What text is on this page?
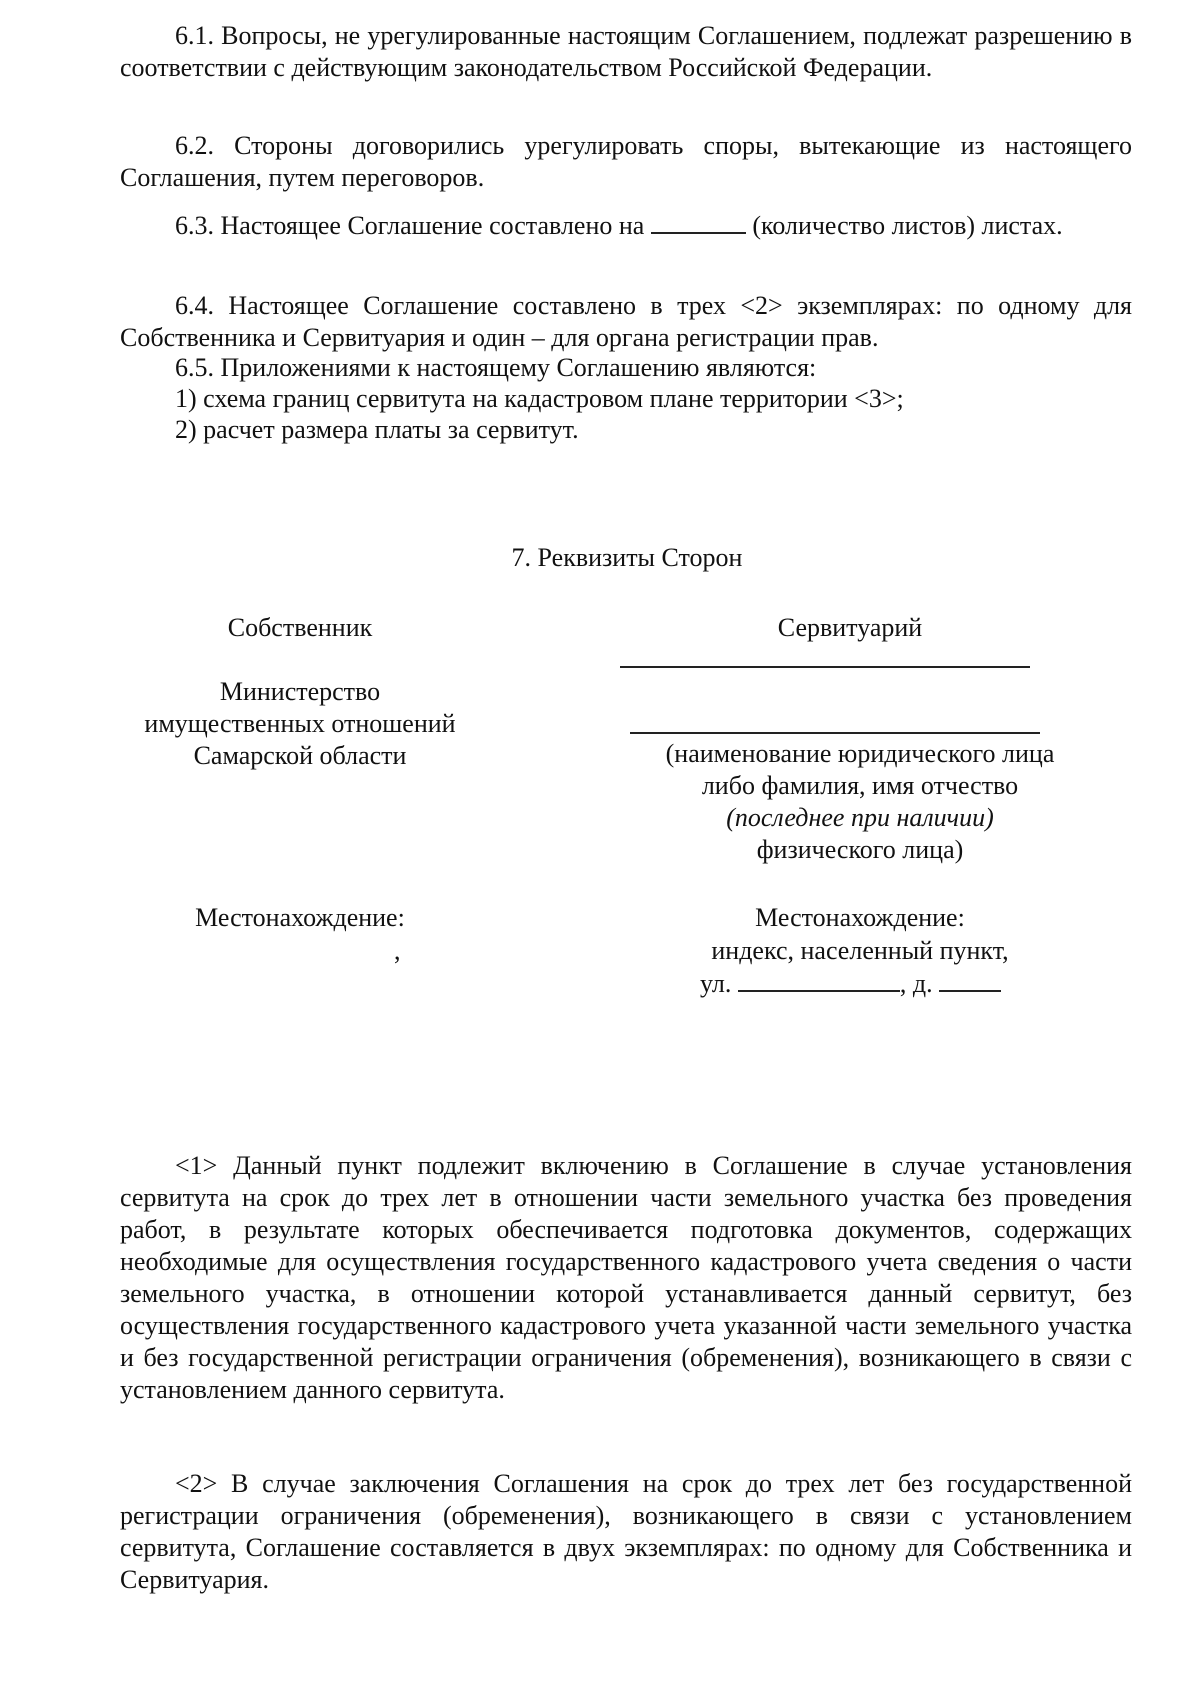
6.1. Вопросы, не урегулированные настоящим Соглашением, подлежат разрешению в соответствии с действующим законодательством Российской Федерации.

6.2. Стороны договорились урегулировать споры, вытекающие из настоящего Соглашения, путем переговоров.

6.3. Настоящее Соглашение составлено на	(количество листов) листах.

6.4. Настоящее Соглашение составлено в трех <2> экземплярах: по одному для Собственника и Сервитуария и один – для органа регистрации прав.

6.5. Приложениями к настоящему Соглашению являются:

1) схема границ сервитута на кадастровом плане территории <3>;

2) расчет размера платы за сервитут.

7. Реквизиты Сторон
Собственник
Министерство
имущественных отношений
Самарской области
Местонахождение:
,
Сервитуарий
(наименование юридического лица
либо фамилия, имя отчество
(последнее при наличии)
физического лица)
Местонахождение:
индекс, населенный пункт,
ул.	, д.

<1> Данный пункт подлежит включению в Соглашение в случае установления сервитута на срок до трех лет в отношении части земельного участка без проведения работ, в результате которых обеспечивается подготовка документов, содержащих необходимые для осуществления государственного кадастрового учета сведения о части земельного участка, в отношении которой устанавливается данный сервитут, без осуществления государственного кадастрового учета указанной части земельного участка и без государственной регистрации ограничения (обременения), возникающего в связи с установлением данного сервитута.

<2> В случае заключения Соглашения на срок до трех лет без государственной регистрации ограничения (обременения), возникающего в связи с установлением сервитута, Соглашение составляется в двух экземплярах: по одному для Собственника и Сервитуария.
